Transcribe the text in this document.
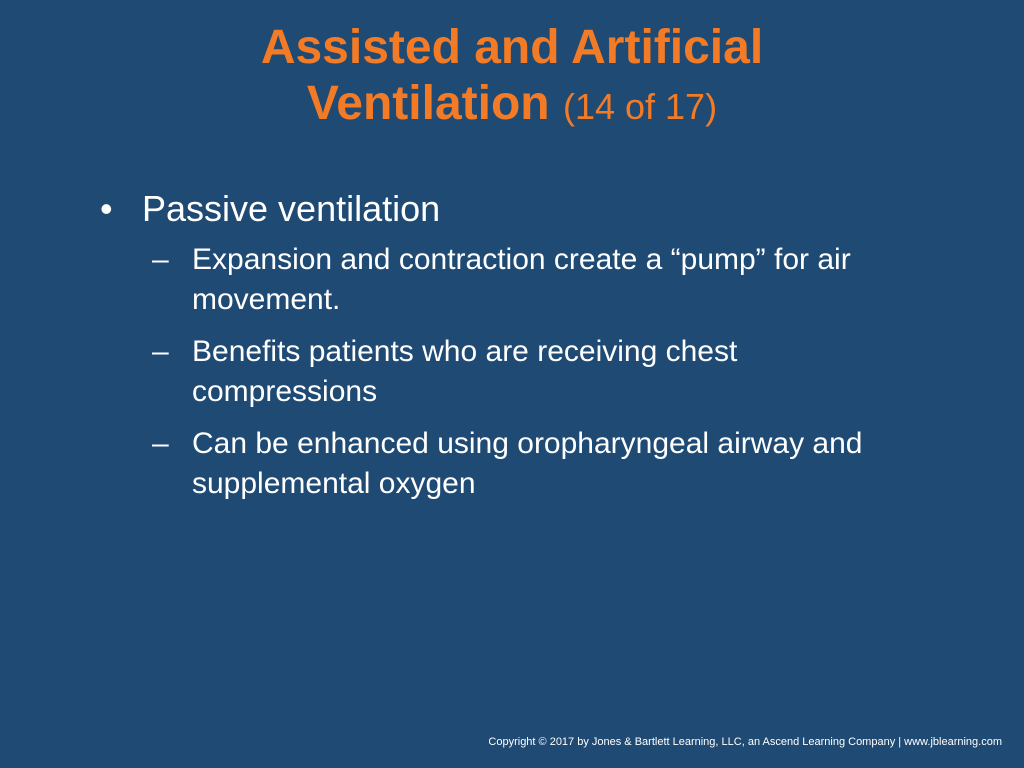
Assisted and Artificial
Ventilation (14 of 17)
• Passive ventilation
– Expansion and contraction create a “pump” for air movement.
– Benefits patients who are receiving chest compressions
– Can be enhanced using oropharyngeal airway and supplemental oxygen
Copyright © 2017 by Jones & Bartlett Learning, LLC, an Ascend Learning Company | www.jblearning.com
